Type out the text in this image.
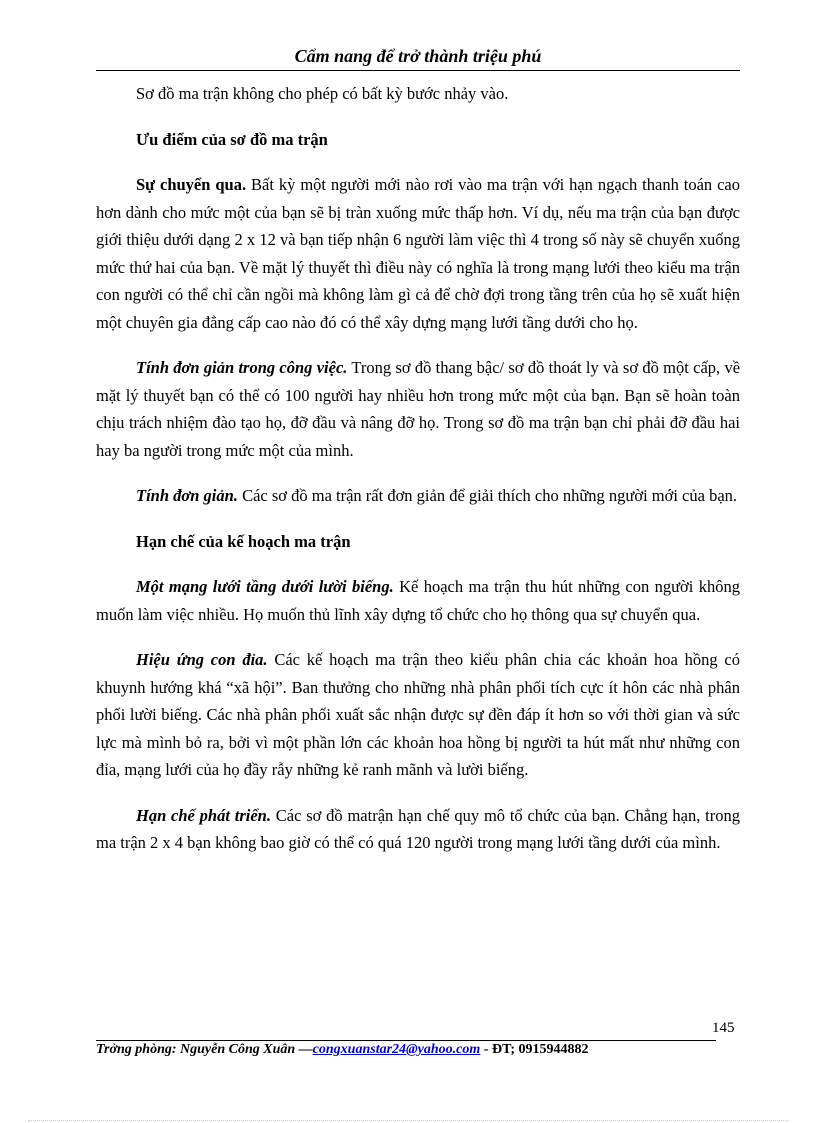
Cẩm nang để trở thành triệu phú

Sơ đồ ma trận không cho phép có bất kỳ bước nhảy vào.

Ưu điểm của sơ đồ ma trận

Sự chuyển qua. Bất kỳ một người mới nào rơi vào ma trận với hạn ngạch thanh toán cao hơn dành cho mức một của bạn sẽ bị tràn xuống mức thấp hơn. Ví dụ, nếu ma trận của bạn được giới thiệu dưới dạng 2 x 12 và bạn tiếp nhận 6 người làm việc thì 4 trong số này sẽ chuyển xuống mức thứ hai của bạn. Về mặt lý thuyết thì điều này có nghĩa là trong mạng lưới theo kiểu ma trận con người có thể chỉ cần ngồi mà không làm gì cả để chờ đợi trong tầng trên của họ sẽ xuất hiện một chuyên gia đẳng cấp cao nào đó có thể xây dựng mạng lưới tầng dưới cho họ.

Tính đơn giản trong công việc. Trong sơ đồ thang bậc/ sơ đồ thoát ly và sơ đồ một cấp, về mặt lý thuyết bạn có thể có 100 người hay nhiều hơn trong mức một của bạn. Bạn sẽ hoàn toàn chịu trách nhiệm đào tạo họ, đỡ đầu và nâng đỡ họ. Trong sơ đồ ma trận bạn chỉ phải đỡ đầu hai hay ba người trong mức một của mình.

Tính đơn giản. Các sơ đồ ma trận rất đơn giản để giải thích cho những người mới của bạn.

Hạn chế của kế hoạch ma trận

Một mạng lưới tầng dưới lười biếng. Kế hoạch ma trận thu hút những con người không muốn làm việc nhiều. Họ muốn thủ lĩnh xây dựng tổ chức cho họ thông qua sự chuyển qua.

Hiệu ứng con đỉa. Các kế hoạch ma trận theo kiểu phân chia các khoản hoa hồng có khuynh hướng khá “xã hội”. Ban thưởng cho những nhà phân phối tích cực ít hôn các nhà phân phối lười biếng. Các nhà phân phối xuất sắc nhận được sự đền đáp ít hơn so với thời gian và sức lực mà mình bỏ ra, bởi vì một phần lớn các khoản hoa hồng bị người ta hút mất như những con đỉa, mạng lưới của họ đầy rẫy những kẻ ranh mãnh và lười biếng.

Hạn chế phát triển. Các sơ đồ matrận hạn chế quy mô tổ chức của bạn. Chẳng hạn, trong ma trận 2 x 4 bạn không bao giờ có thể có quá 120 người trong mạng lưới tầng dưới của mình.

145
Trởng phòng: Nguyễn Công Xuân —congxuanstar24@yahoo.com - ĐT; 0915944882
